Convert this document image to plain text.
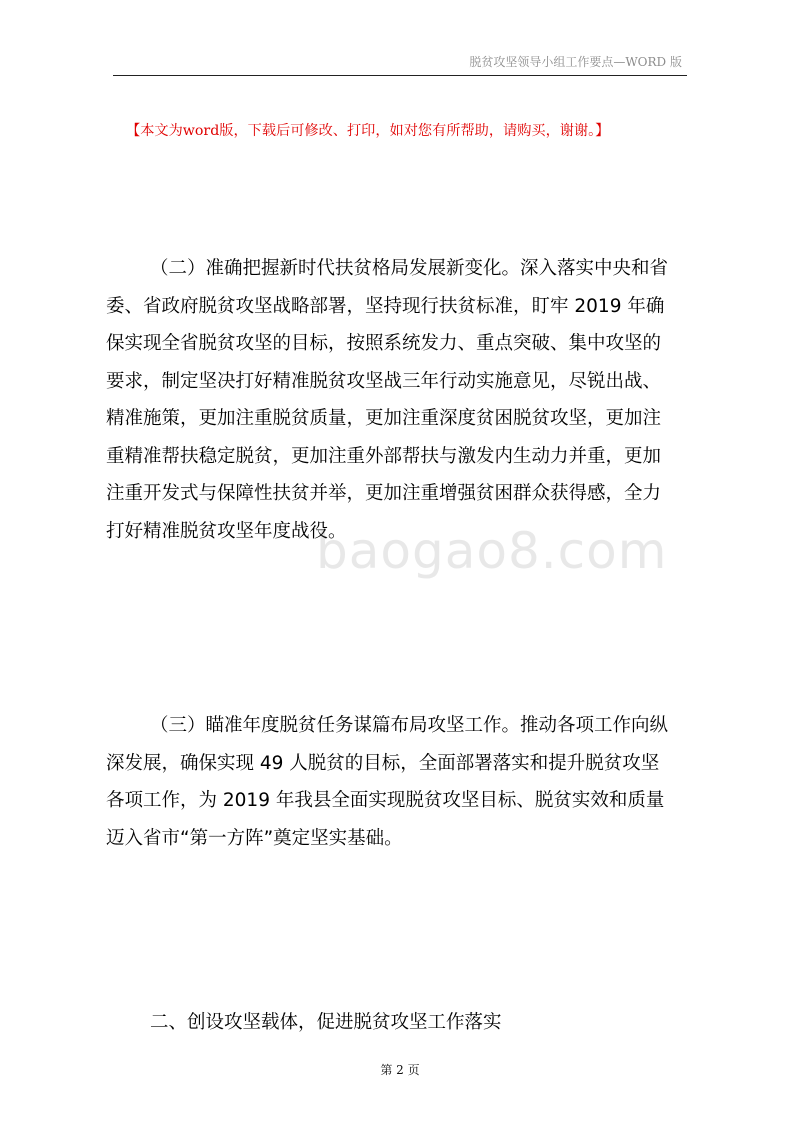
脱贫攻坚领导小组工作要点—WORD 版
【本文为word版，下载后可修改、打印，如对您有所帮助，请购买，谢谢。】
（二）准确把握新时代扶贫格局发展新变化。深入落实中央和省
委、省政府脱贫攻坚战略部署，坚持现行扶贫标准，盯牢 2019 年确
保实现全省脱贫攻坚的目标，按照系统发力、重点突破、集中攻坚的
要求，制定坚决打好精准脱贫攻坚战三年行动实施意见，尽锐出战、
精准施策，更加注重脱贫质量，更加注重深度贫困脱贫攻坚，更加注
重精准帮扶稳定脱贫，更加注重外部帮扶与激发内生动力并重，更加
注重开发式与保障性扶贫并举，更加注重增强贫困群众获得感，全力
打好精准脱贫攻坚年度战役。
baogao8.com
（三）瞄准年度脱贫任务谋篇布局攻坚工作。推动各项工作向纵
深发展，确保实现 49 人脱贫的目标，全面部署落实和提升脱贫攻坚
各项工作，为 2019 年我县全面实现脱贫攻坚目标、脱贫实效和质量
迈入省市“第一方阵”奠定坚实基础。
二、创设攻坚载体，促进脱贫攻坚工作落实
第 2 页
